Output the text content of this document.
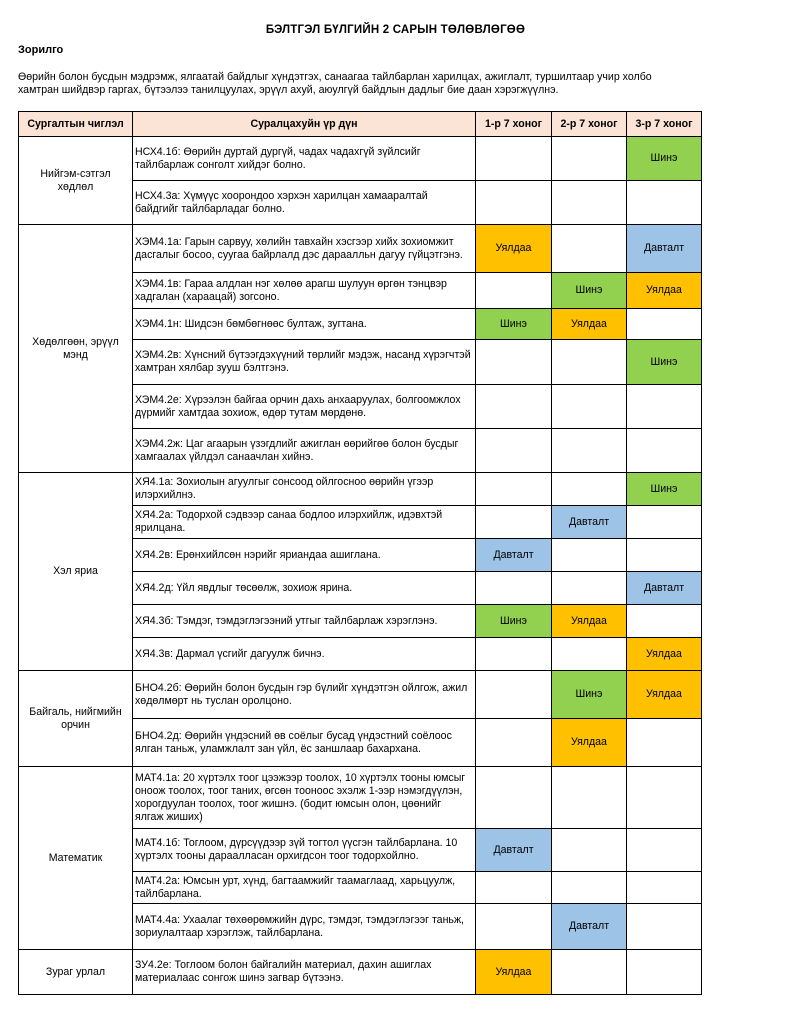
БЭЛТГЭЛ БҮЛГИЙН 2 САРЫН ТӨЛӨВЛӨГӨӨ
Зорилго
Өөрийн болон бусдын мэдрэмж, ялгаатай байдлыг хүндэтгэх, санаагаа тайлбарлан харилцах, ажиглалт, туршилтаар учир холбо
хамтран шийдвэр гаргах, бүтээлээ танилцуулах, эрүүл ахуй, аюулгүй байдлын дадлыг бие даан хэрэгжүүлнэ.
Сургалтын чиглэл	Суралцахуйн үр дүн	1-р 7 хоног	2-р 7 хоног	3-р 7 хоног
Нийгэм-сэтгэл хөдлөл	НСХ4.1б: Өөрийн дуртай дургүй, чадах чадахгүй зүйлсийг тайлбарлаж сонголт хийдэг болно.			Шинэ
	НСХ4.3а: Хүмүүс хоорондоо хэрхэн харилцан хамааралтай байдгийг тайлбарладаг болно.			
Хөдөлгөөн, эрүүл мэнд	ХЭМ4.1а: Гарын сарвуу, хөлийн тавхайн хэсгээр хийх зохиомжит дасгалыг босоо, суугаа байрлалд дэс дараалльн дагуу гүйцэтгэнэ.	Уялдаа		Давталт
	ХЭМ4.1в: Гараа алдлан нэг хөлөө арагш шулуун өргөн тэнцвэр хадгалан (хараацай) зогсоно.		Шинэ	Уялдаа
	ХЭМ4.1н: Шидсэн бөмбөгнөөс бултаж, зугтана.	Шинэ	Уялдаа	
	ХЭМ4.2в: Хүнсний бүтээгдэхүүний төрлийг мэдэж, насанд хүрэгчтэй хамтран хялбар зууш бэлтгэнэ.			Шинэ
	ХЭМ4.2е: Хүрээлэн байгаа орчин дахь анхааруулах, болгоомжлох дүрмийг хамтдаа зохиож, өдөр тутам мөрдөнө.			
	ХЭМ4.2ж: Цаг агаарын үзэгдлийг ажиглан өөрийгөө болон бусдыг хамгаалах үйлдэл санаачлан хийнэ.			
Хэл яриа	ХЯ4.1а: Зохиолын агуулгыг сонсоод ойлгосноо өөрийн үгээр илэрхийлнэ.			Шинэ
	ХЯ4.2а: Тодорхой сэдвээр санаа бодлоо илэрхийлж, идэвхтэй ярилцана.		Давталт	
	ХЯ4.2в: Ерөнхийлсөн нэрийг яриандаа ашиглана.	Давталт		
	ХЯ4.2д: Үйл явдлыг төсөөлж, зохиож ярина.			Давталт
	ХЯ4.3б: Тэмдэг, тэмдэглэгээний утгыг тайлбарлаж хэрэглэнэ.	Шинэ	Уялдаа	
	ХЯ4.3в: Дармал үсгийг дагуулж бичнэ.			Уялдаа
Байгаль, нийгмийн орчин	БНО4.2б: Өөрийн болон бусдын гэр бүлийг хүндэтгэн ойлгож, ажил хөдөлмөрт нь туслан оролцоно.		Шинэ	Уялдаа
	БНО4.2д: Өөрийн үндэсний өв соёлыг бусад үндэстний соёлоос ялган таньж, уламжлалт зан үйл, ёс заншлаар бахархана.		Уялдаа	
Математик	МАТ4.1а: 20 хүртэлх тоог цээжээр тоолох, 10 хүртэлх тооны юмсыг оноож тоолох, тоог таних, өгсөн тооноос эхэлж 1-ээр нэмэгдүүлэн, хорогдуулан тоолох, тоог жишнэ. (бодит юмсын олон, цөөнийг ялгаж жиших)			
	МАТ4.1б: Тоглоом, дүрсүүдээр зүй тогтол үүсгэн тайлбарлана. 10 хүртэлх тооны дараалласан орхигдсон тоог тодорхойлно.	Давталт		
	МАТ4.2а: Юмсын урт, хүнд, багтаамжийг таамаглаад, харьцуулж, тайлбарлана.			
	МАТ4.4а: Ухаалаг төхөөрөмжийн дүрс, тэмдэг, тэмдэглэгээг таньж, зориулалтаар хэрэглэж, тайлбарлана.		Давталт	
Зураг урлал	ЗУ4.2е: Тоглоом болон байгалийн материал, дахин ашиглах материалаас сонгож шинэ загвар бүтээнэ.	Уялдаа		
